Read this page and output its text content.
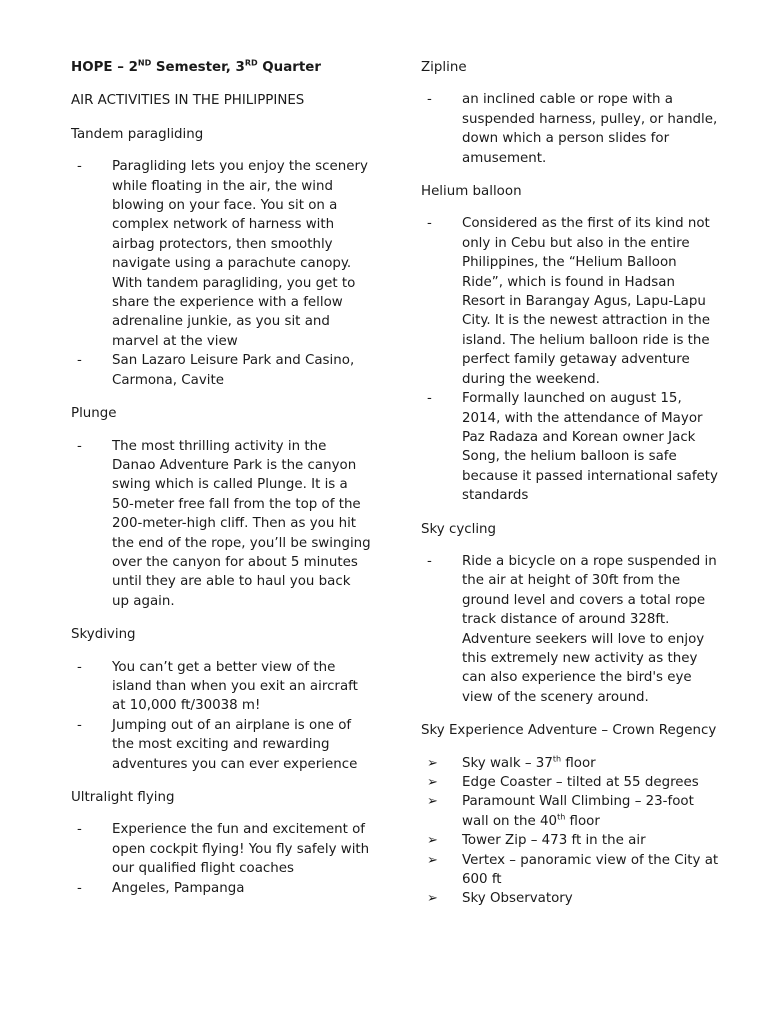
HOPE – 2ND Semester, 3RD Quarter
AIR ACTIVITIES IN THE PHILIPPINES
Tandem paragliding
-	Paragliding lets you enjoy the scenery while floating in the air, the wind blowing on your face. You sit on a complex network of harness with airbag protectors, then smoothly navigate using a parachute canopy. With tandem paragliding, you get to share the experience with a fellow adrenaline junkie, as you sit and marvel at the view
-	San Lazaro Leisure Park and Casino, Carmona, Cavite
Plunge
-	The most thrilling activity in the Danao Adventure Park is the canyon swing which is called Plunge. It is a 50-meter free fall from the top of the 200-meter-high cliff. Then as you hit the end of the rope, you’ll be swinging over the canyon for about 5 minutes until they are able to haul you back up again.
Skydiving
-	You can’t get a better view of the island than when you exit an aircraft at 10,000 ft/30038 m!
-	Jumping out of an airplane is one of the most exciting and rewarding adventures you can ever experience
Ultralight flying
-	Experience the fun and excitement of open cockpit flying! You fly safely with our qualified flight coaches
-	Angeles, Pampanga
Zipline
-	an inclined cable or rope with a suspended harness, pulley, or handle, down which a person slides for amusement.
Helium balloon
-	Considered as the first of its kind not only in Cebu but also in the entire Philippines, the “Helium Balloon Ride”, which is found in Hadsan Resort in Barangay Agus, Lapu-Lapu City. It is the newest attraction in the island. The helium balloon ride is the perfect family getaway adventure during the weekend.
-	Formally launched on august 15, 2014, with the attendance of Mayor Paz Radaza and Korean owner Jack Song, the helium balloon is safe because it passed international safety standards
Sky cycling
-	Ride a bicycle on a rope suspended in the air at height of 30ft from the ground level and covers a total rope track distance of around 328ft. Adventure seekers will love to enjoy this extremely new activity as they can also experience the bird's eye view of the scenery around.
Sky Experience Adventure – Crown Regency
➢	Sky walk – 37th floor
➢	Edge Coaster – tilted at 55 degrees
➢	Paramount Wall Climbing – 23-foot wall on the 40th floor
➢	Tower Zip – 473 ft in the air
➢	Vertex – panoramic view of the City at 600 ft
➢	Sky Observatory
